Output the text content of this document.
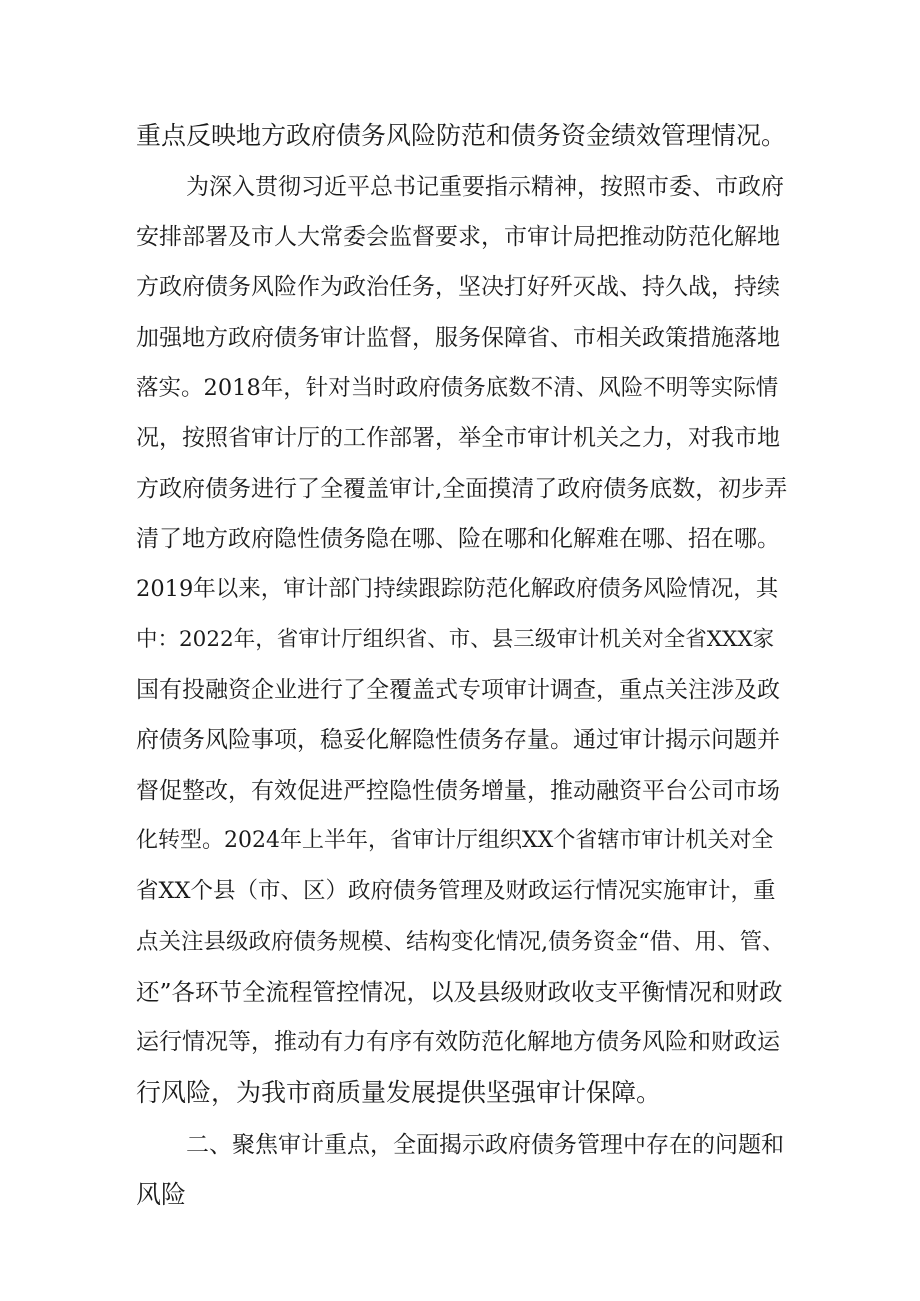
重点反映地方政府债务风险防范和债务资金绩效管理情况。
为深入贯彻习近平总书记重要指示精神，按照市委、市政府
安排部署及市人大常委会监督要求，市审计局把推动防范化解地
方政府债务风险作为政治任务，坚决打好歼灭战、持久战，持续
加强地方政府债务审计监督，服务保障省、市相关政策措施落地
落实。2018年，针对当时政府债务底数不清、风险不明等实际情
况，按照省审计厅的工作部署，举全市审计机关之力，对我市地
方政府债务进行了全覆盖审计,全面摸清了政府债务底数，初步弄
清了地方政府隐性债务隐在哪、险在哪和化解难在哪、招在哪。
2019年以来，审计部门持续跟踪防范化解政府债务风险情况，其
中：2022年，省审计厅组织省、市、县三级审计机关对全省XXX家
国有投融资企业进行了全覆盖式专项审计调查，重点关注涉及政
府债务风险事项，稳妥化解隐性债务存量。通过审计揭示问题并
督促整改，有效促进严控隐性债务增量，推动融资平台公司市场
化转型。2024年上半年，省审计厅组织XX个省辖市审计机关对全
省XX个县（市、区）政府债务管理及财政运行情况实施审计，重
点关注县级政府债务规模、结构变化情况,债务资金“借、用、管、
还”各环节全流程管控情况，以及县级财政收支平衡情况和财政
运行情况等，推动有力有序有效防范化解地方债务风险和财政运
行风险，为我市商质量发展提供坚强审计保障。
二、聚焦审计重点，全面揭示政府债务管理中存在的问题和
风险
